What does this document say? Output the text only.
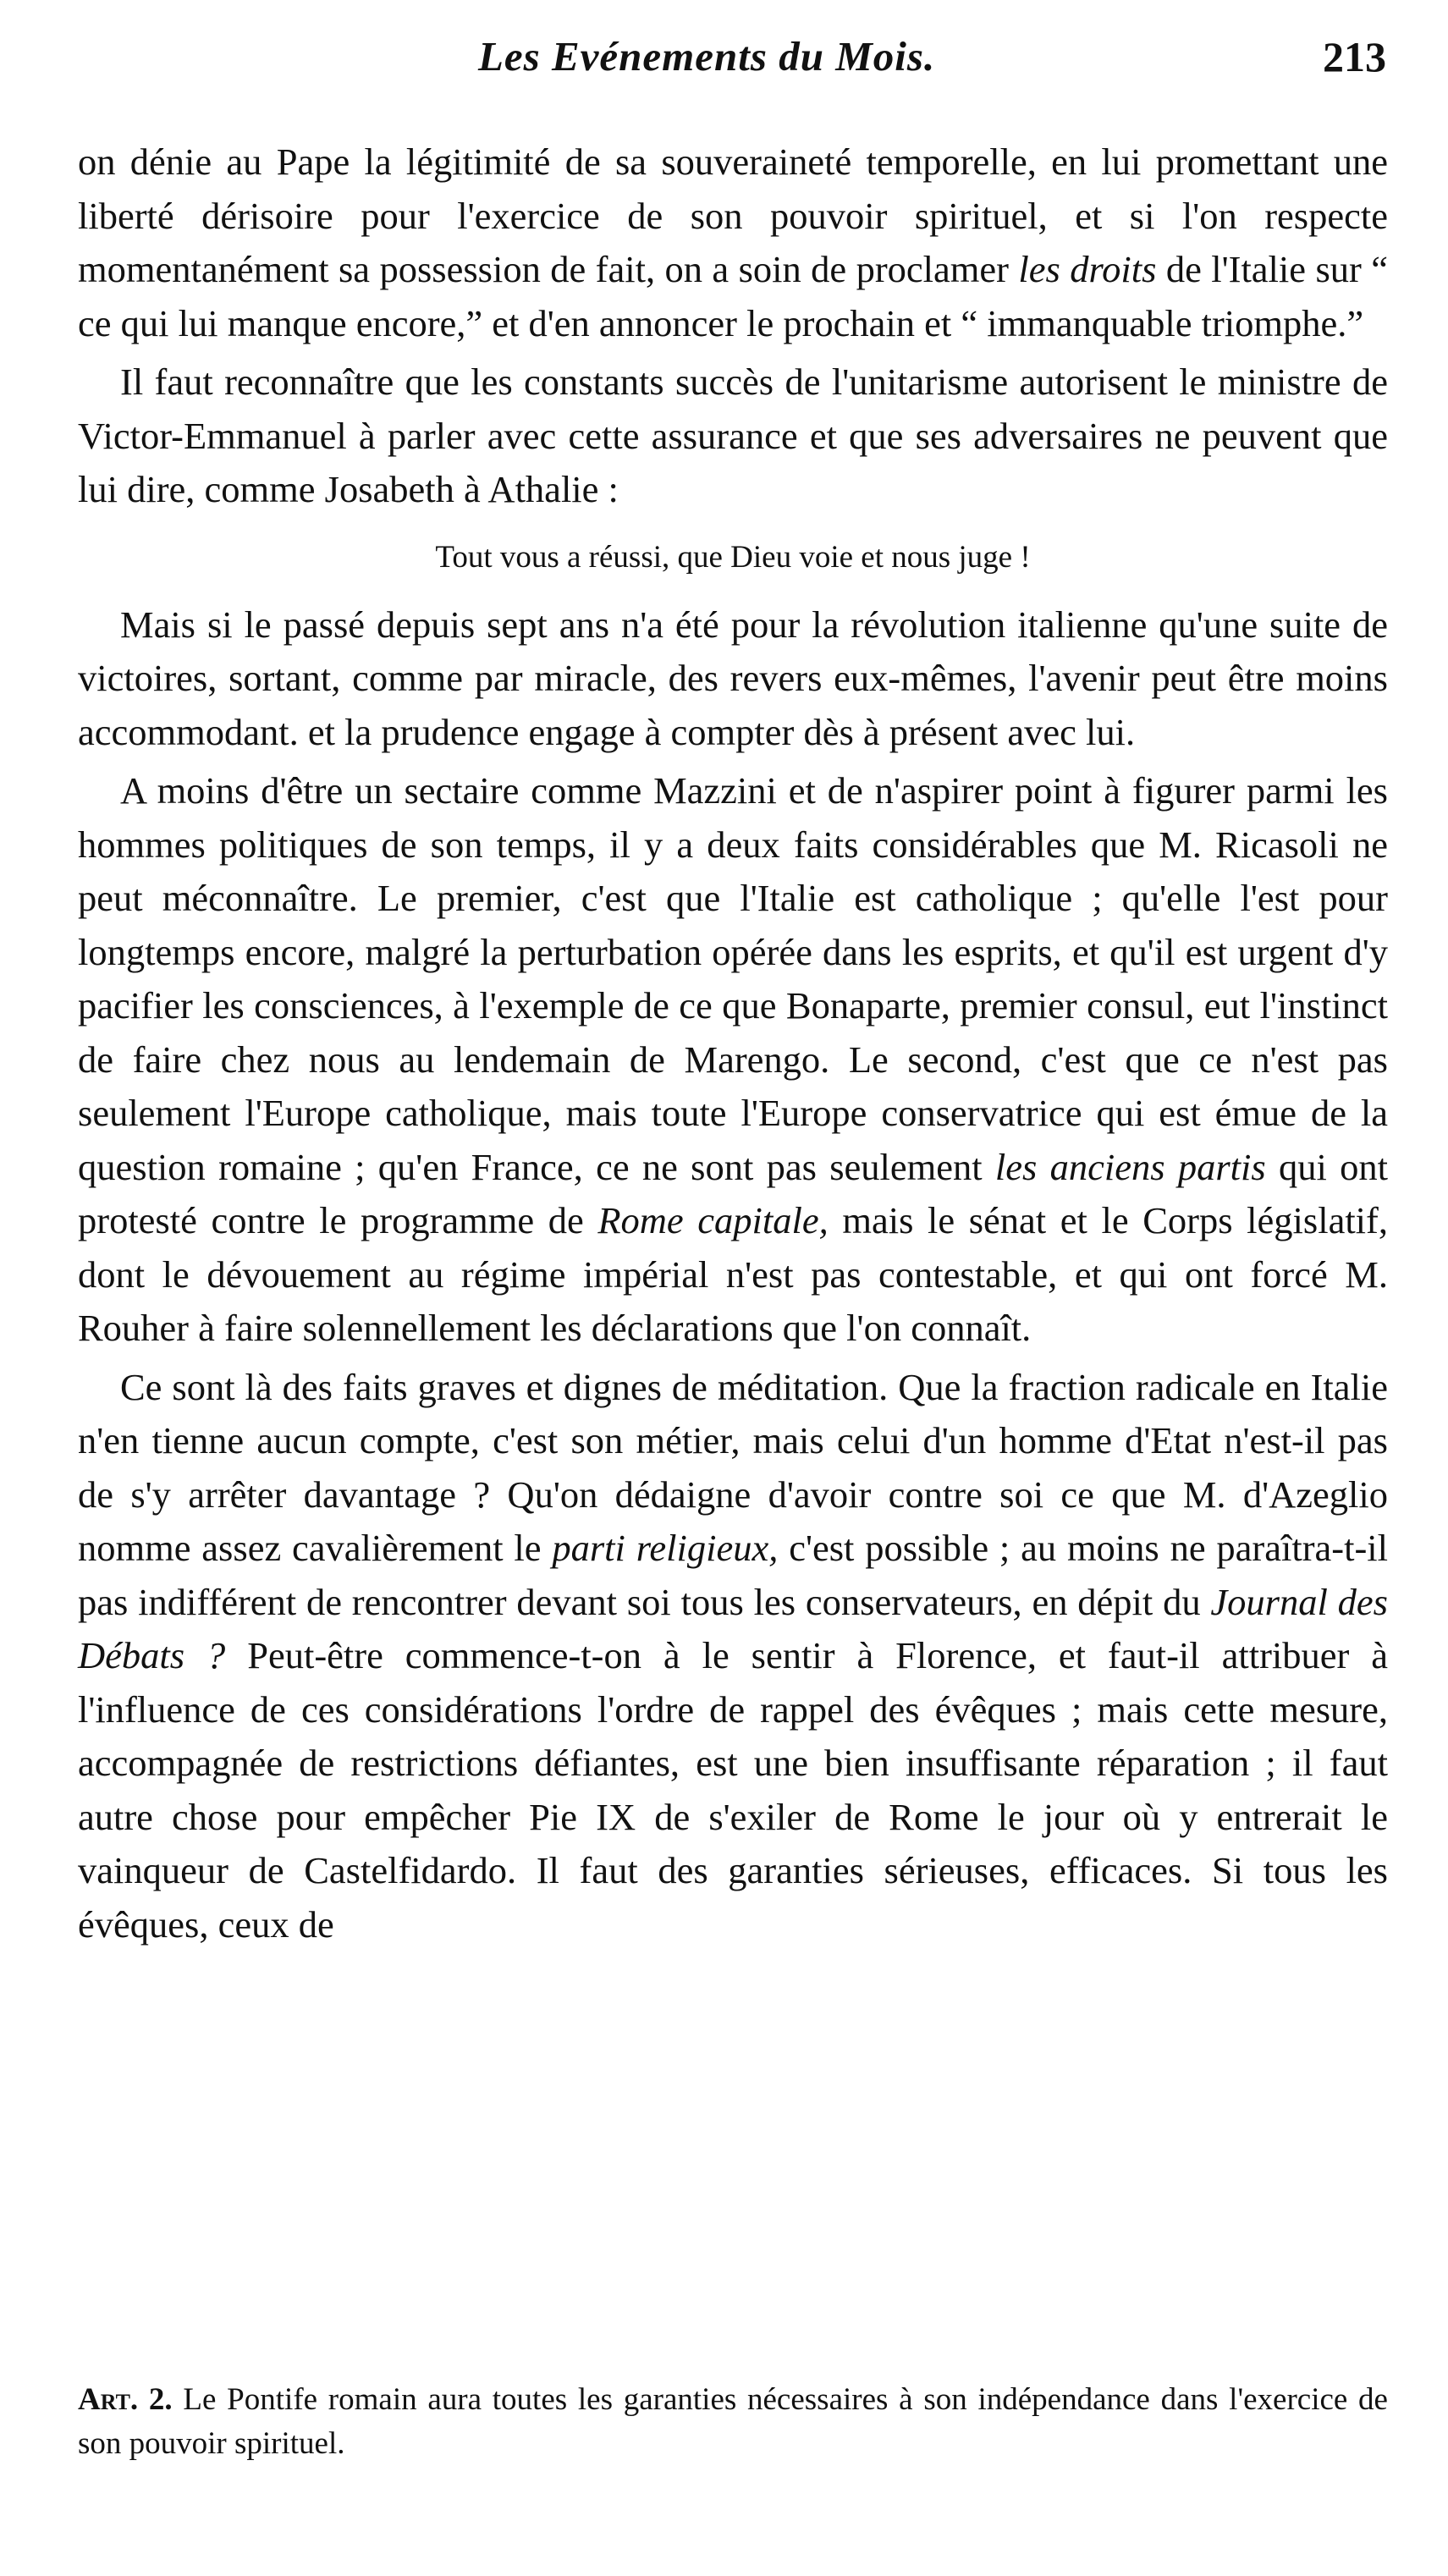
Les Evénements du Mois.	213

on dénie au Pape la légitimité de sa souveraineté temporelle, en lui promettant une liberté dérisoire pour l'exercice de son pouvoir spirituel, et si l'on respecte momentanément sa possession de fait, on a soin de proclamer les droits de l'Italie sur “ ce qui lui manque encore,” et d'en annoncer le prochain et “ immanquable triomphe.”

Il faut reconnaître que les constants succès de l'unitarisme autorisent le ministre de Victor-Emmanuel à parler avec cette assurance et que ses adversaires ne peuvent que lui dire, comme Josabeth à Athalie :

Tout vous a réussi, que Dieu voie et nous juge !

Mais si le passé depuis sept ans n'a été pour la révolution italienne qu'une suite de victoires, sortant, comme par miracle, des revers eux-mêmes, l'avenir peut être moins accommodant. et la prudence engage à compter dès à présent avec lui.

A moins d'être un sectaire comme Mazzini et de n'aspirer point à figurer parmi les hommes politiques de son temps, il y a deux faits considérables que M. Ricasoli ne peut méconnaître. Le premier, c'est que l'Italie est catholique ; qu'elle l'est pour longtemps encore, malgré la perturbation opérée dans les esprits, et qu'il est urgent d'y pacifier les consciences, à l'exemple de ce que Bonaparte, premier consul, eut l'instinct de faire chez nous au lendemain de Marengo. Le second, c'est que ce n'est pas seulement l'Europe catholique, mais toute l'Europe conservatrice qui est émue de la question romaine ; qu'en France, ce ne sont pas seulement les anciens partis qui ont protesté contre le programme de Rome capitale, mais le sénat et le Corps législatif, dont le dévouement au régime impérial n'est pas contestable, et qui ont forcé M. Rouher à faire solennellement les déclarations que l'on connaît.

Ce sont là des faits graves et dignes de méditation. Que la fraction radicale en Italie n'en tienne aucun compte, c'est son métier, mais celui d'un homme d'Etat n'est-il pas de s'y arrêter davantage ? Qu'on dédaigne d'avoir contre soi ce que M. d'Azeglio nomme assez cavalièrement le parti religieux, c'est possible ; au moins ne paraîtra-t-il pas indifférent de rencontrer devant soi tous les conservateurs, en dépit du Journal des Débats ? Peut-être commence-t-on à le sentir à Florence, et faut-il attribuer à l'influence de ces considérations l'ordre de rappel des évêques ; mais cette mesure, accompagnée de restrictions défiantes, est une bien insuffisante réparation ; il faut autre chose pour empêcher Pie IX de s'exiler de Rome le jour où y entrerait le vainqueur de Castelfidardo. Il faut des garanties sérieuses, efficaces. Si tous les évêques, ceux de

Art. 2. Le Pontife romain aura toutes les garanties nécessaires à son indépendance dans l'exercice de son pouvoir spirituel.
